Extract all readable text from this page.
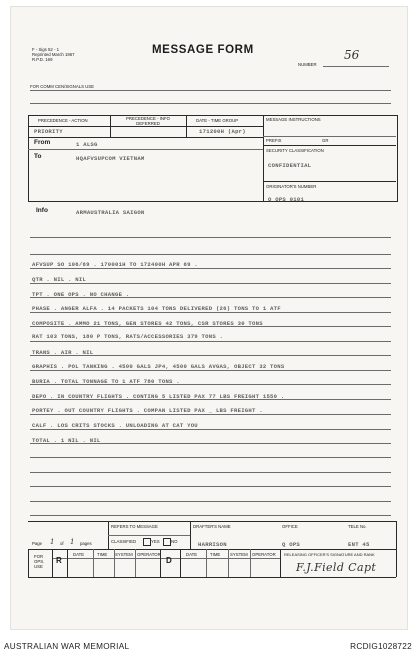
F - Sigs 52 - 1
Reprinted March 1967
R.P.D. 169
MESSAGE FORM
NUMBER
56
FOR COMM CEN/SIGNALS USE
PRECEDENCE - ACTION	PRECEDENCE - INFO
DEFERRED
DATE - TIME GROUP	MESSAGE INSTRUCTIONS
PRIORITY	171200H (Apr)
PREFIX	GR
From	1 ALSG
To	HQAFVSUPCOM VIETNAM
SECURITY CLASSIFICATION
CONFIDENTIAL
ORIGINATOR'S NUMBER
Q OPS 0101
Info	ARMAUSTRALIA SAIGON
AFVSUP SO 106/69 . 170001H TO 172400H APR 69 .
QTR . NIL . NIL
TPT . ONE OPS . NO CHANGE .
PHASE . ANGER ALFA . 14 PACKETS 104 TONS DELIVERED (26) TONS TO 1 ATF
COMPOSITE . AMMO 21 TONS, GEN STORES 42 TONS, CSR STORES 30 TONS
RAT 103 TONS, 180 P TONS, RATS/ACCESSORIES 379 TONS .
TRANS . AIR . NIL
GRAPHIS . POL TANKING . 4500 GALS JP4, 4500 GALS AVGAS, OBJECT 32 TONS
BURIA . TOTAL TONNAGE TO 1 ATF 780 TONS .
DEPO . IN COUNTRY FLIGHTS . CONTING 5 LISTED PAX 77 LBS FREIGHT 1550 .
PORTEY . OUT COUNTRY FLIGHTS . COMPAN LISTED PAX _ LBS FREIGHT .
CALF . LOS CRITS STOCKS . UNLOADING AT CAT YOU
TOTAL . 1 NIL . NIL
REFERS TO MESSAGE
CLASSIFIED	YES	NO
DRAFTER'S NAME	OFFICE	TELE No.
Page 1 of 1 pages	HARRISON	Q OPS	ENT 45
FOR
OPS.
USE
R
DATE	TIME SYSTEM OPERATOR
D
DATE	TIME SYSTEM OPERATOR RELEASING OFFICER'S SIGNATURE AND RANK
F.J.Field Capt
AUSTRALIAN WAR MEMORIAL	RCDIG1028722
